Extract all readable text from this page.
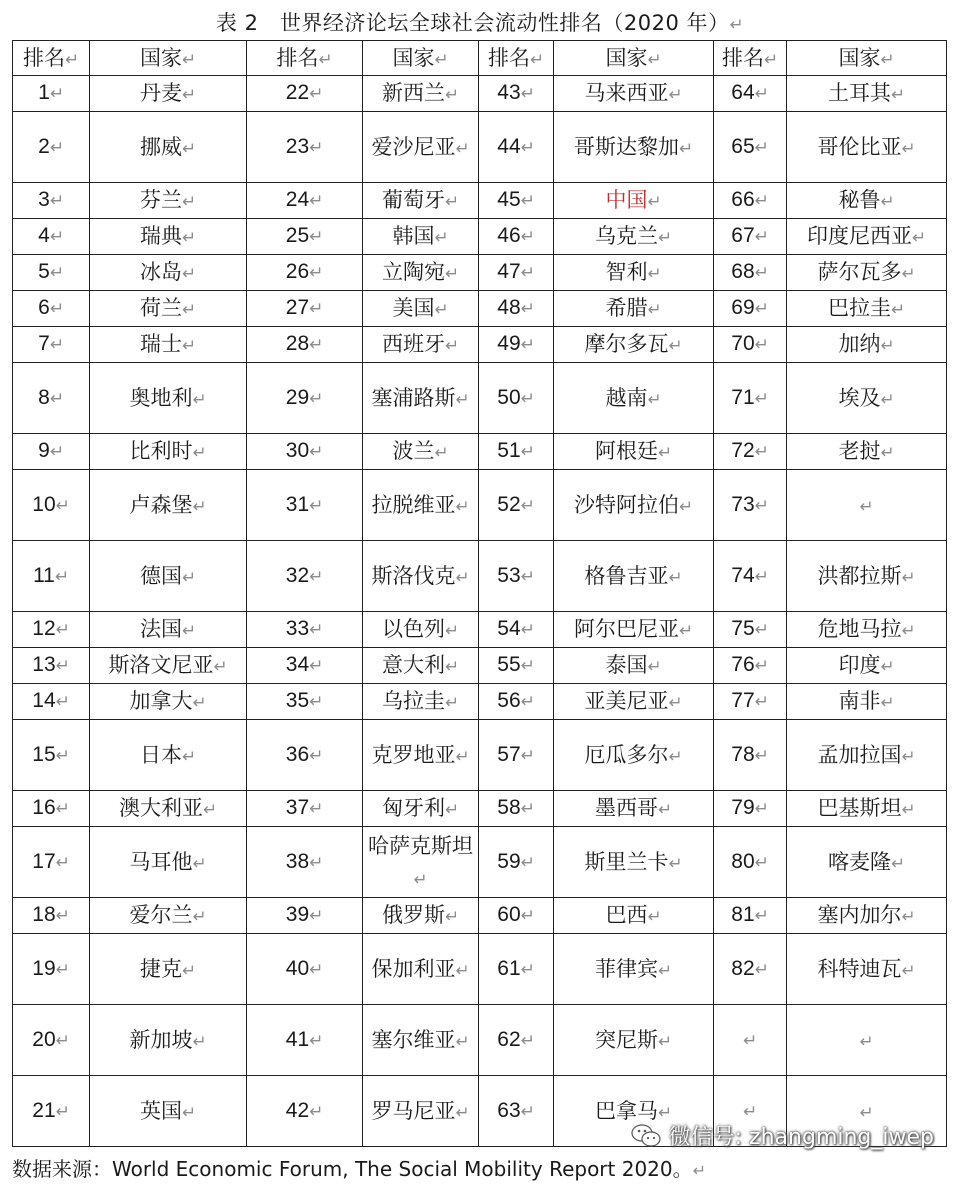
表 2　世界经济论坛全球社会流动性排名（2020 年）↵
排名↵	国家↵	排名↵	国家↵	排名↵	国家↵	排名↵	国家↵
1↵	丹麦↵	22↵	新西兰↵	43↵	马来西亚↵	64↵	土耳其↵
2↵	挪威↵	23↵	爱沙尼亚↵	44↵	哥斯达黎加↵	65↵	哥伦比亚↵
3↵	芬兰↵	24↵	葡萄牙↵	45↵	中国↵	66↵	秘鲁↵
4↵	瑞典↵	25↵	韩国↵	46↵	乌克兰↵	67↵	印度尼西亚↵
5↵	冰岛↵	26↵	立陶宛↵	47↵	智利↵	68↵	萨尔瓦多↵
6↵	荷兰↵	27↵	美国↵	48↵	希腊↵	69↵	巴拉圭↵
7↵	瑞士↵	28↵	西班牙↵	49↵	摩尔多瓦↵	70↵	加纳↵
8↵	奥地利↵	29↵	塞浦路斯↵	50↵	越南↵	71↵	埃及↵
9↵	比利时↵	30↵	波兰↵	51↵	阿根廷↵	72↵	老挝↵
10↵	卢森堡↵	31↵	拉脱维亚↵	52↵	沙特阿拉伯↵	73↵	↵
11↵	德国↵	32↵	斯洛伐克↵	53↵	格鲁吉亚↵	74↵	洪都拉斯↵
12↵	法国↵	33↵	以色列↵	54↵	阿尔巴尼亚↵	75↵	危地马拉↵
13↵	斯洛文尼亚↵	34↵	意大利↵	55↵	泰国↵	76↵	印度↵
14↵	加拿大↵	35↵	乌拉圭↵	56↵	亚美尼亚↵	77↵	南非↵
15↵	日本↵	36↵	克罗地亚↵	57↵	厄瓜多尔↵	78↵	孟加拉国↵
16↵	澳大利亚↵	37↵	匈牙利↵	58↵	墨西哥↵	79↵	巴基斯坦↵
17↵	马耳他↵	38↵	哈萨克斯坦↵	59↵	斯里兰卡↵	80↵	喀麦隆↵
18↵	爱尔兰↵	39↵	俄罗斯↵	60↵	巴西↵	81↵	塞内加尔↵
19↵	捷克↵	40↵	保加利亚↵	61↵	菲律宾↵	82↵	科特迪瓦↵
20↵	新加坡↵	41↵	塞尔维亚↵	62↵	突尼斯↵	↵	↵
21↵	英国↵	42↵	罗马尼亚↵	63↵	巴拿马↵	↵	↵
微信号: zhangming_iwep
数据来源：World Economic Forum, The Social Mobility Report 2020。↵
